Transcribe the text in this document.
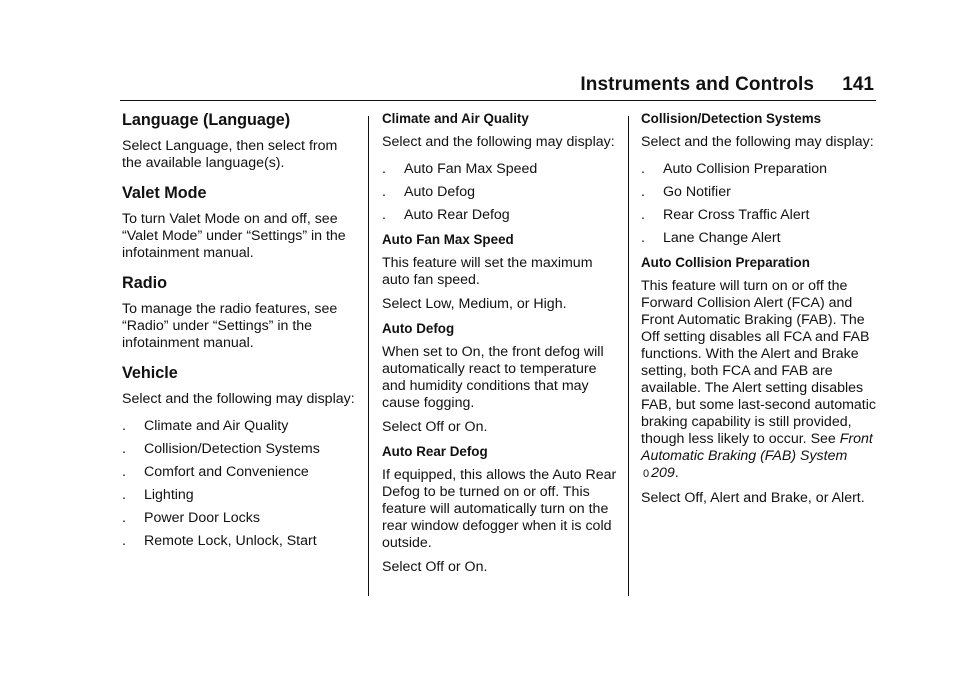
Instruments and Controls 141
Language (Language)

Select Language, then select from the available language(s).

Valet Mode

To turn Valet Mode on and off, see “Valet Mode” under “Settings” in the infotainment manual.

Radio

To manage the radio features, see “Radio” under “Settings” in the infotainment manual.

Vehicle

Select and the following may display:

.	Climate and Air Quality
.	Collision/Detection Systems
.	Comfort and Convenience
.	Lighting
.	Power Door Locks
.	Remote Lock, Unlock, Start

Climate and Air Quality

Select and the following may display:

.	Auto Fan Max Speed
.	Auto Defog
.	Auto Rear Defog

Auto Fan Max Speed

This feature will set the maximum auto fan speed.

Select Low, Medium, or High.

Auto Defog

When set to On, the front defog will automatically react to temperature and humidity conditions that may cause fogging.

Select Off or On.

Auto Rear Defog

If equipped, this allows the Auto Rear Defog to be turned on or off. This feature will automatically turn on the rear window defogger when it is cold outside.

Select Off or On.

Collision/Detection Systems

Select and the following may display:

.	Auto Collision Preparation
.	Go Notifier
.	Rear Cross Traffic Alert
.	Lane Change Alert

Auto Collision Preparation

This feature will turn on or off the Forward Collision Alert (FCA) and Front Automatic Braking (FAB). The Off setting disables all FCA and FAB functions. With the Alert and Brake setting, both FCA and FAB are available. The Alert setting disables FAB, but some last-second automatic braking capability is still provided, though less likely to occur. See Front Automatic Braking (FAB) System 0 209.

Select Off, Alert and Brake, or Alert.
